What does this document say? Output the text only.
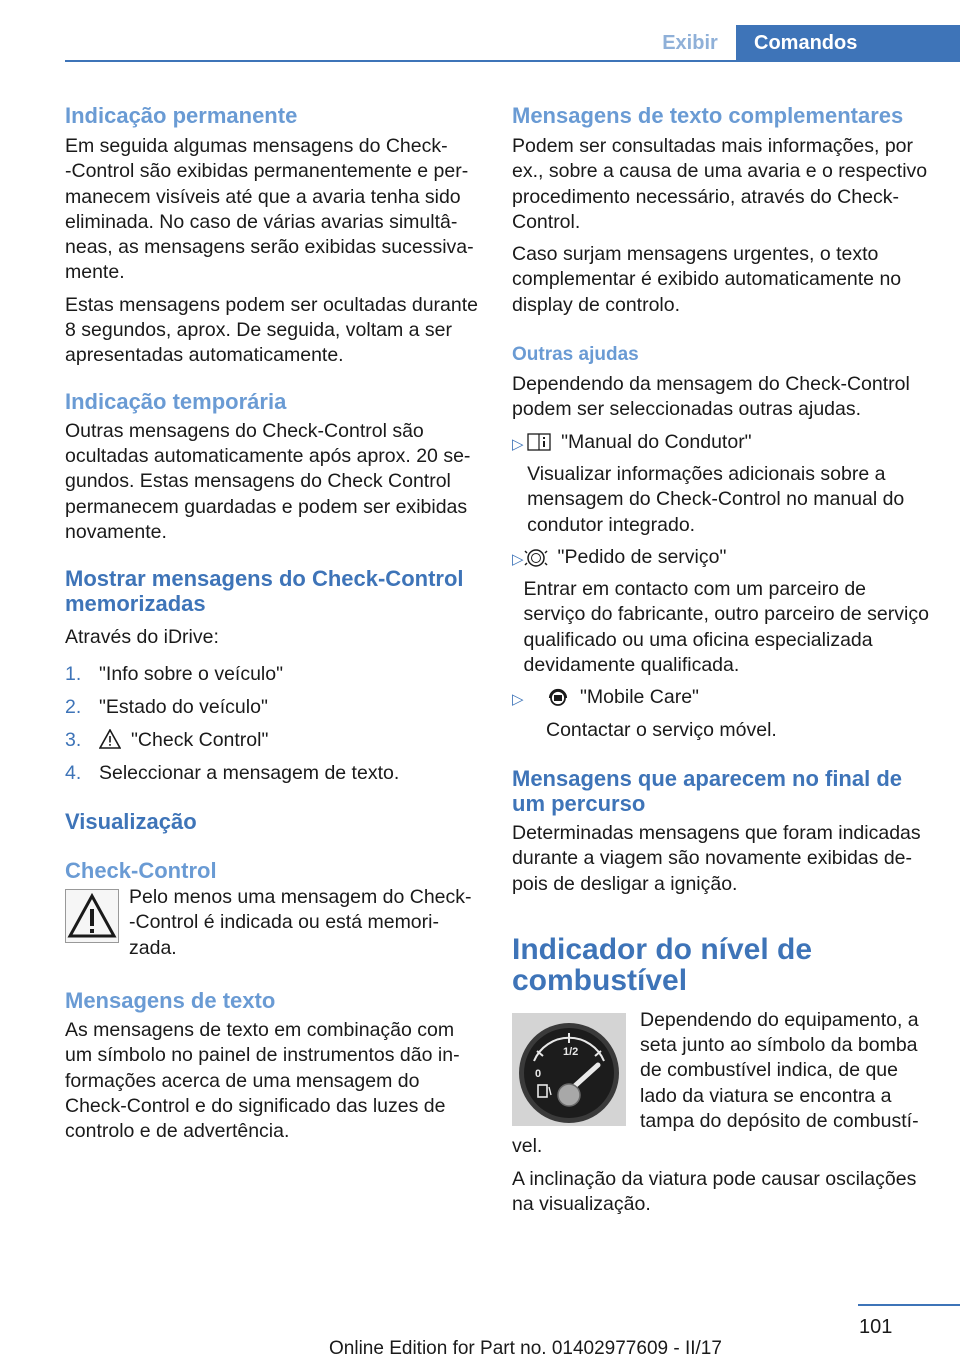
Exibir	Comandos
Indicação permanente

Em seguida algumas mensagens do Check-‑Control são exibidas permanentemente e permanecem visíveis até que a avaria tenha sido eliminada. No caso de várias avarias simultâneas, as mensagens serão exibidas sucessivamente.

Estas mensagens podem ser ocultadas durante 8 segundos, aprox. De seguida, voltam a ser apresentadas automaticamente.

Indicação temporária

Outras mensagens do Check-Control são ocultadas automaticamente após aprox. 20 segundos. Estas mensagens do Check Control permanecem guardadas e podem ser exibidas novamente.

Mostrar mensagens do Check-Control memorizadas

Através do iDrive:

1. "Info sobre o veículo"
2. "Estado do veículo"
3.	"Check Control"
4. Seleccionar a mensagem de texto.
Visualização
Check-Control

Pelo menos uma mensagem do Check-‑Control é indicada ou está memorizada.

Mensagens de texto

As mensagens de texto em combinação com um símbolo no painel de instrumentos dão informações acerca de uma mensagem do Check-Control e do significado das luzes de controlo e de advertência.

Mensagens de texto complementares

Podem ser consultadas mais informações, por ex., sobre a causa de uma avaria e o respectivo procedimento necessário, através do Check-Control.

Caso surjam mensagens urgentes, o texto complementar é exibido automaticamente no display de controlo.

Outras ajudas

Dependendo da mensagem do Check-Control podem ser seleccionadas outras ajudas.

▷ "Manual do Condutor"

Visualizar informações adicionais sobre a mensagem do Check-Control no manual do condutor integrado.

▷ "Pedido de serviço"

Entrar em contacto com um parceiro de serviço do fabricante, outro parceiro de serviço qualificado ou uma oficina especializada devidamente qualificada.

▷	"Mobile Care"

Contactar o serviço móvel.

Mensagens que aparecem no final de um percurso

Determinadas mensagens que foram indicadas durante a viagem são novamente exibidas depois de desligar a ignição.

Indicador do nível de combustível
1/2
0

Dependendo do equipamento, a seta junto ao símbolo da bomba de combustível indica, de que lado da viatura se encontra a tampa do depósito de combustível.

A inclinação da viatura pode causar oscilações na visualização.

101
Online Edition for Part no. 01402977609 - II/17
